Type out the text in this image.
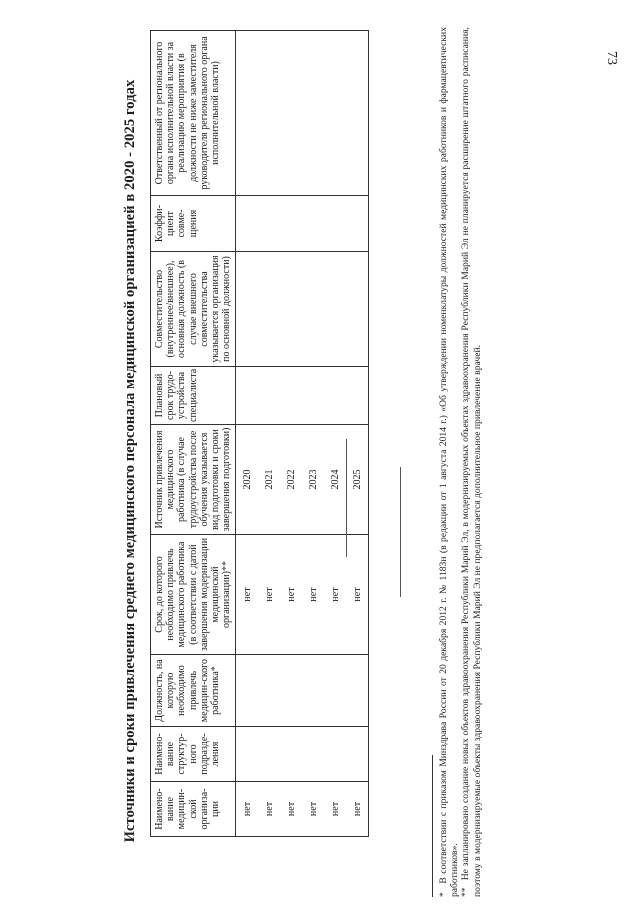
73
Источники и сроки привлечения среднего медицинского персонала медицинской организацией в 2020 - 2025 годах Наимено-вание медицин-ской организа-ции	Наимено-вание структур-ного подразде-ления	Должность, на которую необходимо привлечь медицин-ского работника*	Срок, до которого необходимо привлечь медицинского работника (в соответствии с датой завершения модернизации медицинской организации)**	Источник привлечения медицинского работника (в случае трудоустройства после обучения указывается вид подготовки и сроки завершения подготовки)	Плановый срок трудо-устройства специалиста	Совместительство (внутреннее/внешнее), основная должность (в случае внешнего совместительства указывается организация по основной должности)	Коэффи-циент совме-щения	Ответственный от регионального органа исполнительной власти за реализацию мероприятия (в должности не ниже заместителя руководителя регионального органа исполнительной власти)
нет			нет	2020				
нет			нет	2021				
нет			нет	2022				
нет			нет	2023				
нет			нет	2024				
нет			нет	2025				

* В соответствии с приказом Минздрава России от 20 декабря 2012 г. № 1183н (в редакции от 1 августа 2014 г.) «Об утверждении номенклатуры должностей медицинских работников и фармацевтических работников». ** Не запланировано создание новых объектов здравоохранения Республики Марий Эл, в модернизируемых объектах здравоохранения Республики Марий Эл не планируется расширение штатного расписания, поэтому в модернизируемые объекты здравоохранения Республики Марий Эл не предполагается дополнительное привлечение врачей.
